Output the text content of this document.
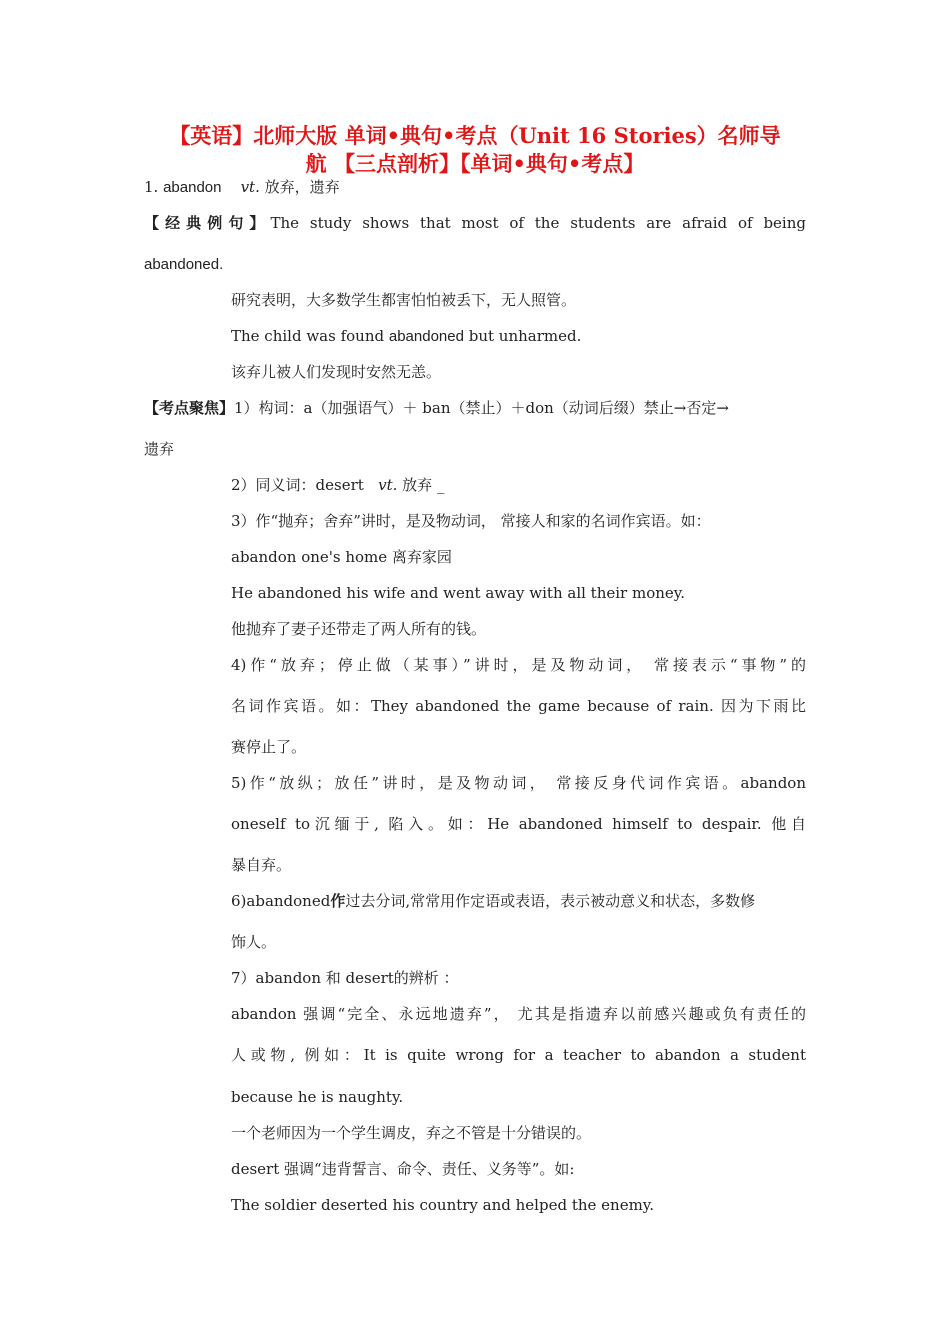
【英语】北师大版 单词•典句•考点（Unit 16 Stories）名师导
航 【三点剖析】【单词•典句•考点】
1. abandon vt. 放弃，遗弃
【经典例句】The study shows that most of the students are afraid of being
abandoned.
研究表明，大多数学生都害怕怕被丢下，无人照管。
The child was found abandoned but unharmed.
该弃儿被人们发现时安然无恙。
【考点聚焦】1）构词：a（加强语气）＋ ban（禁止）＋don（动词后缀）禁止→否定→
遗弃
2）同义词：desert vt. 放弃 _
3）作“抛弃；舍弃”讲时，是及物动词， 常接人和家的名词作宾语。如：
abandon one's home 离弃家园
He abandoned his wife and went away with all their money.
他抛弃了妻子还带走了两人所有的钱。
4)作“放弃；停止做（某事）”讲时，是及物动词， 常接表示“事物”的
名词作宾语。如：They abandoned the game because of rain. 因为下雨比
赛停止了。
5)作“放纵；放任”讲时，是及物动词， 常接反身代词作宾语。abandon
oneself to沉缅于, 陷入。如：He abandoned himself to despair. 他自
暴自弃。
6)abandoned作过去分词,常常用作定语或表语，表示被动意义和状态，多数修
饰人。
7）abandon 和 desert的辨析 ：
abandon 强调“完全、永远地遗弃”， 尤其是指遗弃以前感兴趣或负有责任的
人或物, 例如：It is quite wrong for a teacher to abandon a student
because he is naughty.
一个老师因为一个学生调皮，弃之不管是十分错误的。
desert 强调“违背誓言、命令、责任、义务等”。如:
The soldier deserted his country and helped the enemy.
